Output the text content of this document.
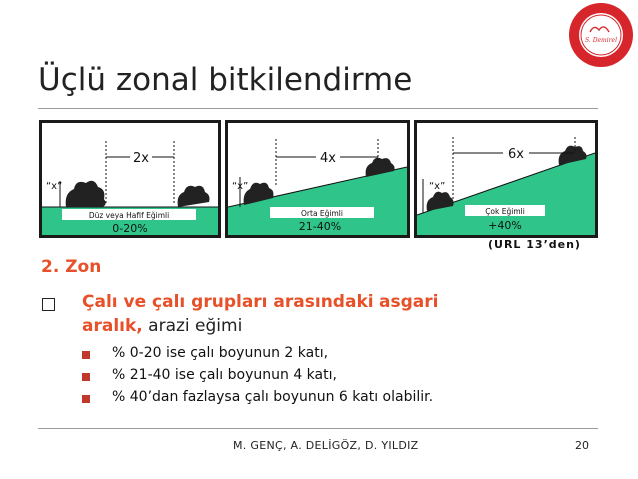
Üçlü zonal bitkilendirme
S. Demirel
“x”
2x
Düz veya Hafif Eğimli
0-20%
“x”
4x
Orta Eğimli
21-40%
“x”
6x
Çok Eğimli
+40%
(URL 13’den)
2. Zon
Çalı ve çalı grupları arasındaki asgari
aralık, arazi eğimi
% 0-20 ise çalı boyunun 2 katı,
% 21-40 ise çalı boyunun 4 katı,
% 40’dan fazlaysa çalı boyunun 6 katı olabilir.
M. GENÇ, A. DELİGÖZ, D. YILDIZ	20
